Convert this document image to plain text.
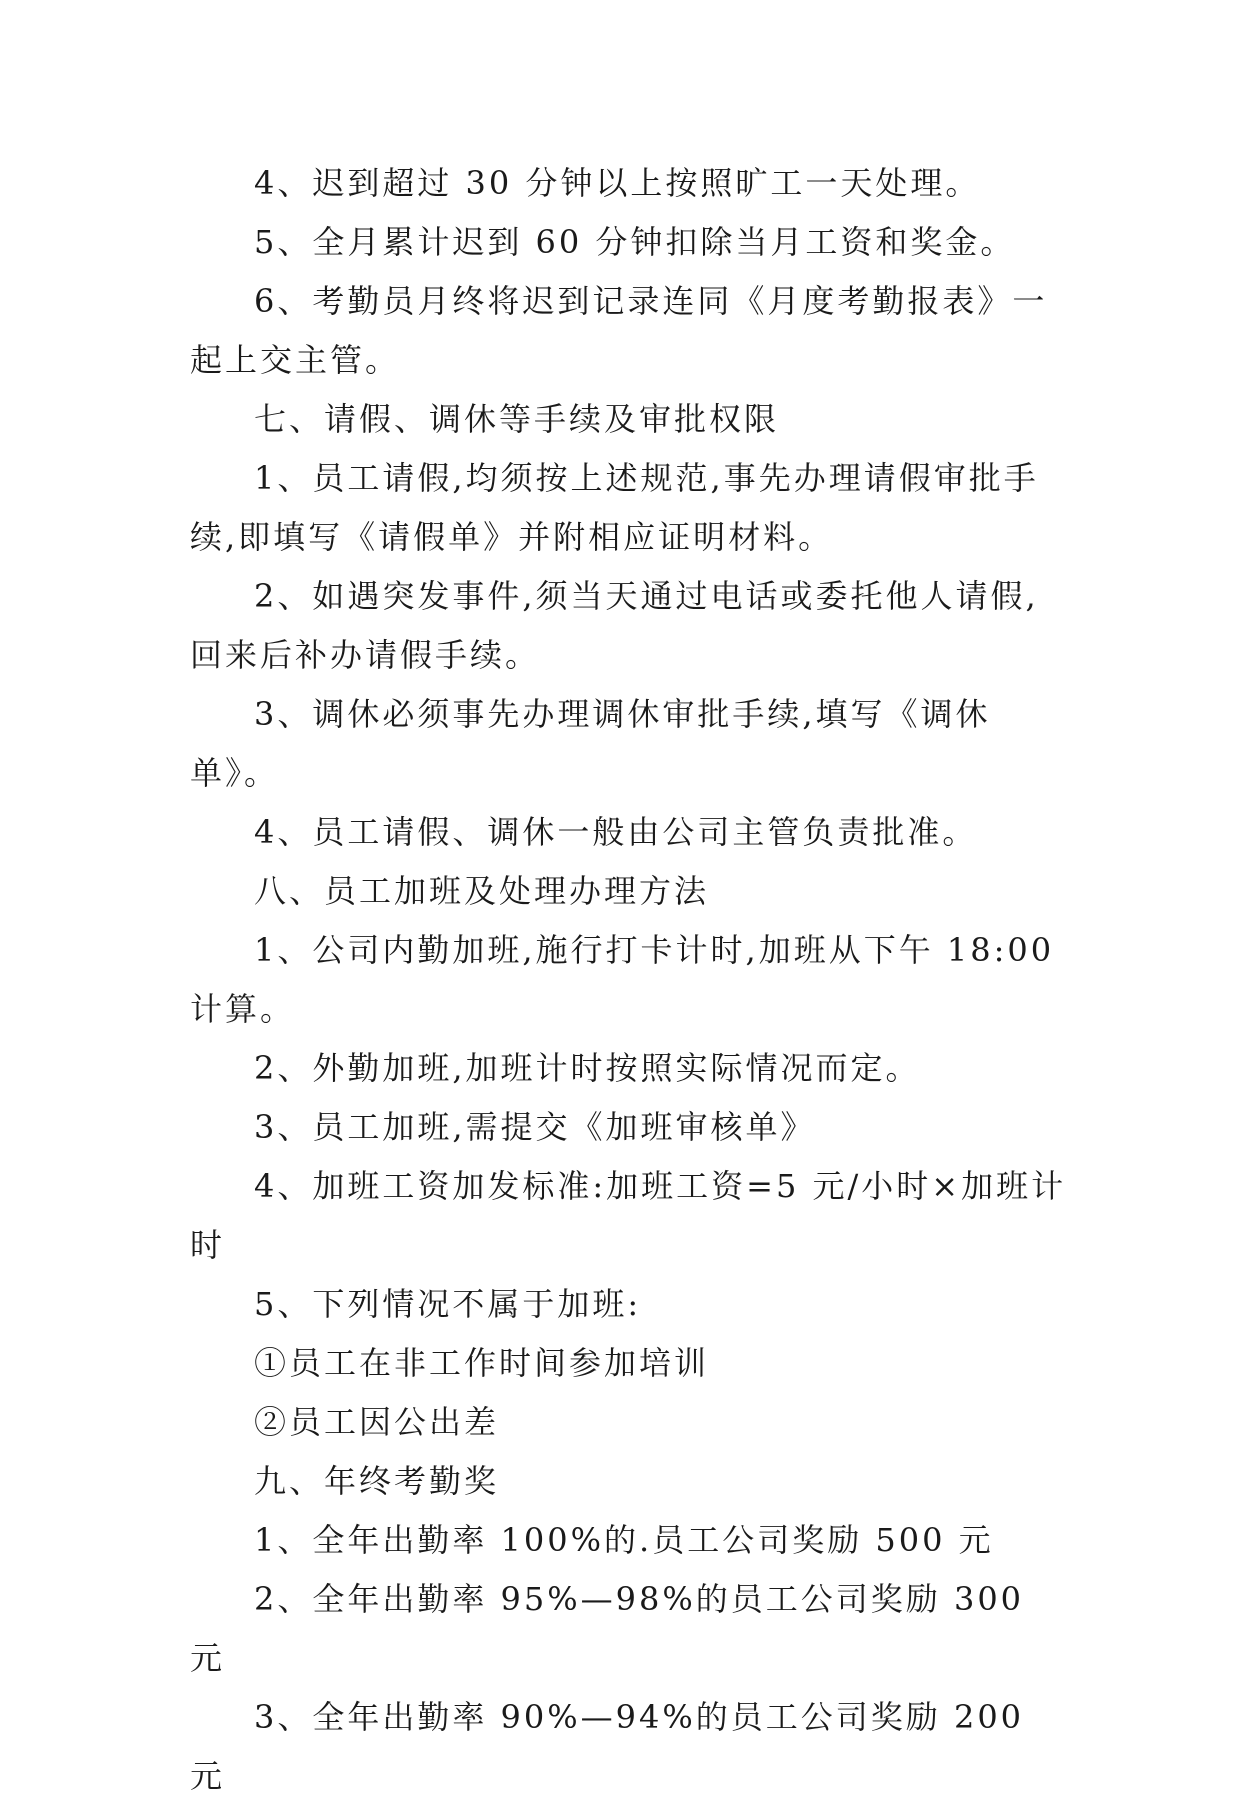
4、迟到超过 30 分钟以上按照旷工一天处理。

5、全月累计迟到 60 分钟扣除当月工资和奖金。

6、考勤员月终将迟到记录连同《月度考勤报表》一起上交主管。

七、请假、调休等手续及审批权限

1、员工请假,均须按上述规范,事先办理请假审批手续,即填写《请假单》并附相应证明材料。

2、如遇突发事件,须当天通过电话或委托他人请假,回来后补办请假手续。

3、调休必须事先办理调休审批手续,填写《调休单》。

4、员工请假、调休一般由公司主管负责批准。

八、员工加班及处理办理方法

1、公司内勤加班,施行打卡计时,加班从下午 18:00 计算。

2、外勤加班,加班计时按照实际情况而定。

3、员工加班,需提交《加班审核单》

4、加班工资加发标准:加班工资=5 元/小时×加班计时

5、下列情况不属于加班:

①员工在非工作时间参加培训

②员工因公出差

九、年终考勤奖

1、全年出勤率 100%的.员工公司奖励 500 元

2、全年出勤率 95%—98%的员工公司奖励 300 元

3、全年出勤率 90%—94%的员工公司奖励 200 元
